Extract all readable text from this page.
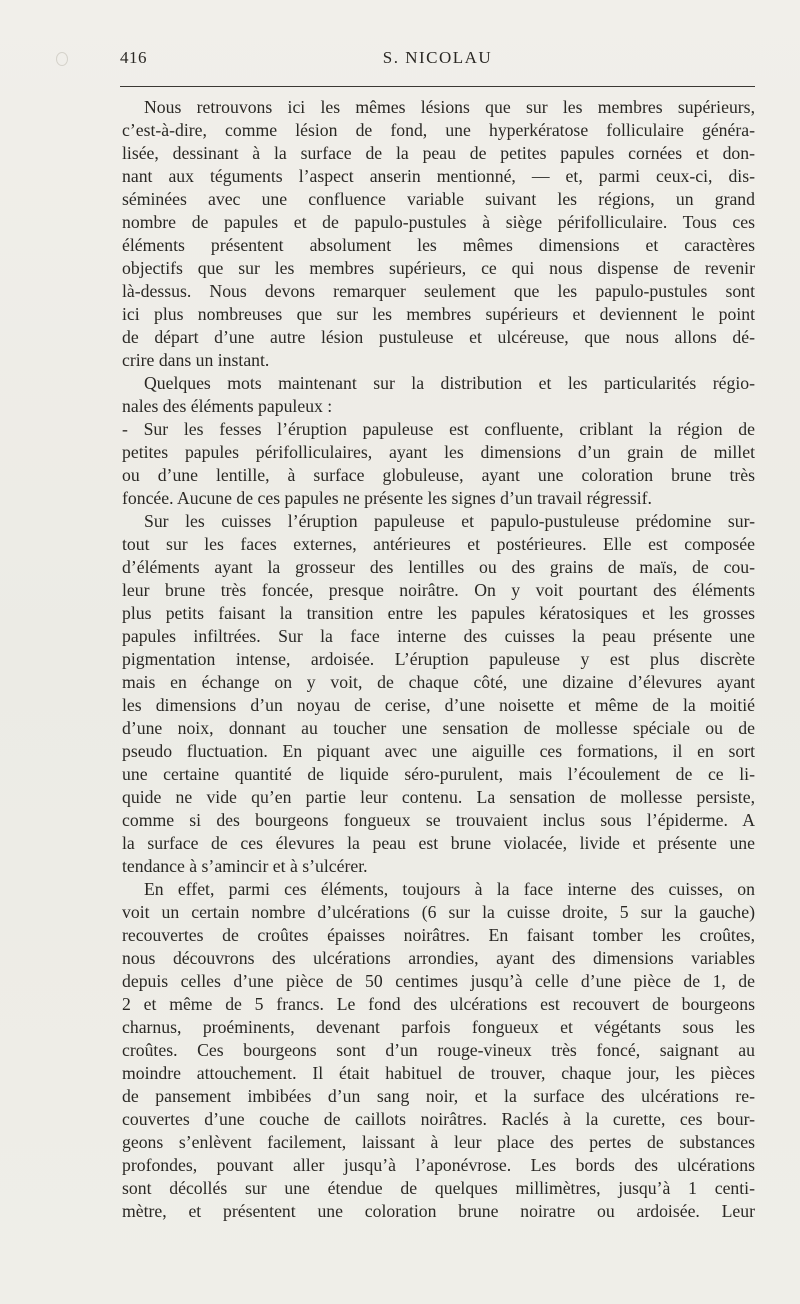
416	S. NICOLAU
Nous retrouvons ici les mêmes lésions que sur les membres supérieurs,
c’est-à-dire, comme lésion de fond, une hyperkératose folliculaire généra-
lisée, dessinant à la surface de la peau de petites papules cornées et don-
nant aux téguments l’aspect anserin mentionné, — et, parmi ceux-ci, dis-
séminées avec une confluence variable suivant les régions, un grand
nombre de papules et de papulo-pustules à siège périfolliculaire. Tous ces
éléments présentent absolument les mêmes dimensions et caractères
objectifs que sur les membres supérieurs, ce qui nous dispense de revenir
là-dessus. Nous devons remarquer seulement que les papulo-pustules sont
ici plus nombreuses que sur les membres supérieurs et deviennent le point
de départ d’une autre lésion pustuleuse et ulcéreuse, que nous allons dé-
crire dans un instant.
Quelques mots maintenant sur la distribution et les particularités régio-
nales des éléments papuleux :
- Sur les fesses l’éruption papuleuse est confluente, criblant la région de
petites papules périfolliculaires, ayant les dimensions d’un grain de millet
ou d’une lentille, à surface globuleuse, ayant une coloration brune très
foncée. Aucune de ces papules ne présente les signes d’un travail régressif.
Sur les cuisses l’éruption papuleuse et papulo-pustuleuse prédomine sur-
tout sur les faces externes, antérieures et postérieures. Elle est composée
d’éléments ayant la grosseur des lentilles ou des grains de maïs, de cou-
leur brune très foncée, presque noirâtre. On y voit pourtant des éléments
plus petits faisant la transition entre les papules kératosiques et les grosses
papules infiltrées. Sur la face interne des cuisses la peau présente une
pigmentation intense, ardoisée. L’éruption papuleuse y est plus discrète
mais en échange on y voit, de chaque côté, une dizaine d’élevures ayant
les dimensions d’un noyau de cerise, d’une noisette et même de la moitié
d’une noix, donnant au toucher une sensation de mollesse spéciale ou de
pseudo fluctuation. En piquant avec une aiguille ces formations, il en sort
une certaine quantité de liquide séro-purulent, mais l’écoulement de ce li-
quide ne vide qu’en partie leur contenu. La sensation de mollesse persiste,
comme si des bourgeons fongueux se trouvaient inclus sous l’épiderme. A
la surface de ces élevures la peau est brune violacée, livide et présente une
tendance à s’amincir et à s’ulcérer.
En effet, parmi ces éléments, toujours à la face interne des cuisses, on
voit un certain nombre d’ulcérations (6 sur la cuisse droite, 5 sur la gauche)
recouvertes de croûtes épaisses noirâtres. En faisant tomber les croûtes,
nous découvrons des ulcérations arrondies, ayant des dimensions variables
depuis celles d’une pièce de 50 centimes jusqu’à celle d’une pièce de 1, de
2 et même de 5 francs. Le fond des ulcérations est recouvert de bourgeons
charnus, proéminents, devenant parfois fongueux et végétants sous les
croûtes. Ces bourgeons sont d’un rouge-vineux très foncé, saignant au
moindre attouchement. Il était habituel de trouver, chaque jour, les pièces
de pansement imbibées d’un sang noir, et la surface des ulcérations re-
couvertes d’une couche de caillots noirâtres. Raclés à la curette, ces bour-
geons s’enlèvent facilement, laissant à leur place des pertes de substances
profondes, pouvant aller jusqu’à l’aponévrose. Les bords des ulcérations
sont décollés sur une étendue de quelques millimètres, jusqu’à 1 centi-
mètre, et présentent une coloration brune noiratre ou ardoisée. Leur
